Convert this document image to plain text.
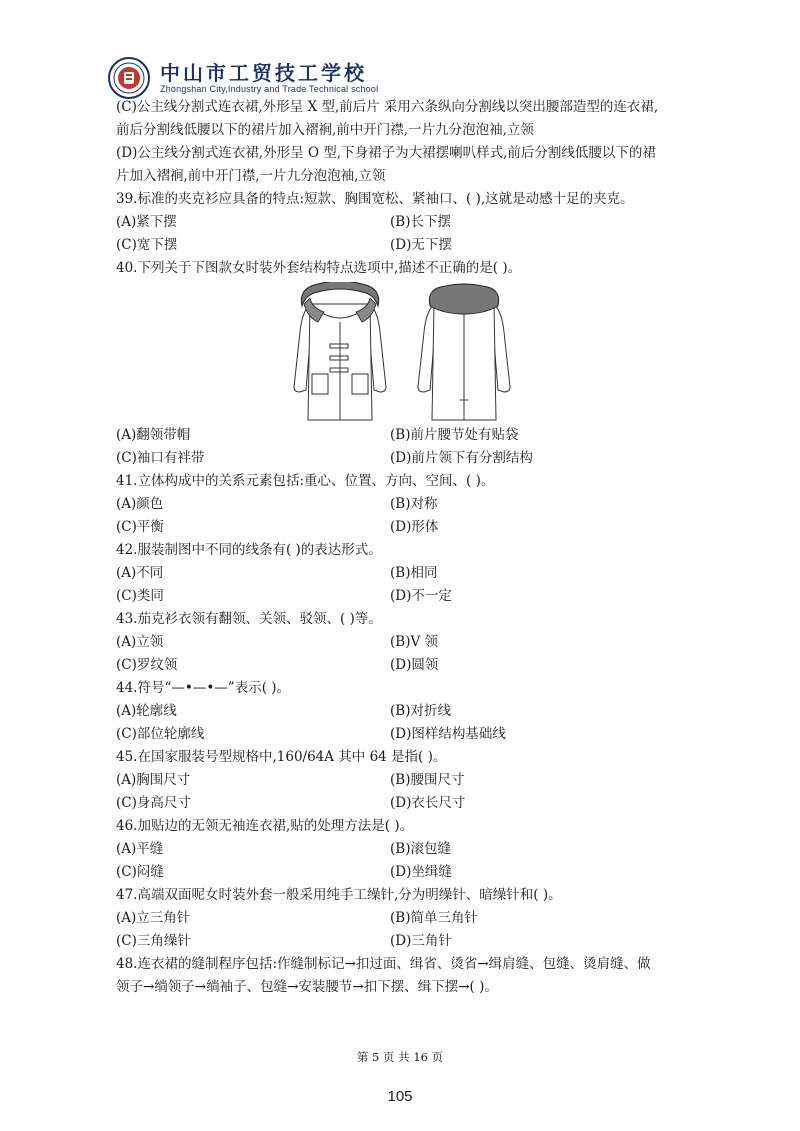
中山市工贸技工学校
Zhongshan City,Industry and Trade Technical school
(C)公主线分割式连衣裙,外形呈 X 型,前后片 采用六条纵向分割线以突出腰部造型的连衣裙,
前后分割线低腰以下的裙片加入褶裥,前中开门襟,一片九分泡泡袖,立领
(D)公主线分割式连衣裙,外形呈 O 型,下身裙子为大裙摆喇叭样式,前后分割线低腰以下的裙
片加入褶裥,前中开门襟,一片九分泡泡袖,立领
39.标准的夹克衫应具备的特点:短款、胸围宽松、紧袖口、( ),这就是动感十足的夹克。
(A)紧下摆	(B)长下摆
(C)宽下摆	(D)无下摆
40.下列关于下图款女时装外套结构特点选项中,描述不正确的是( )。
(A)翻领带帽	(B)前片腰节处有贴袋
(C)袖口有袢带	(D)前片领下有分割结构
41.立体构成中的关系元素包括:重心、位置、方向、空间、( )。
(A)颜色	(B)对称
(C)平衡	(D)形体
42.服装制图中不同的线条有( )的表达形式。
(A)不同	(B)相同
(C)类同	(D)不一定
43.茄克衫衣领有翻领、关领、驳领、( )等。
(A)立领	(B)V 领
(C)罗纹领	(D)圆领
44.符号“—•—•—”表示( )。
(A)轮廓线	(B)对折线
(C)部位轮廓线	(D)图样结构基础线
45.在国家服装号型规格中,160/64A 其中 64 是指( )。
(A)胸围尺寸	(B)腰围尺寸
(C)身高尺寸	(D)衣长尺寸
46.加贴边的无领无袖连衣裙,贴的处理方法是( )。
(A)平缝	(B)滚包缝
(C)闷缝	(D)坐缉缝
47.高端双面呢女时装外套一般采用纯手工缲针,分为明缲针、暗缲针和( )。
(A)立三角针	(B)简单三角针
(C)三角缲针	(D)三角针
48.连衣裙的缝制程序包括:作缝制标记→扣过面、缉省、烫省→缉肩缝、包缝、烫肩缝、做
领子→绱领子→绱袖子、包缝→安装腰节→扣下摆、缉下摆→( )。
第 5 页 共 16 页
105
